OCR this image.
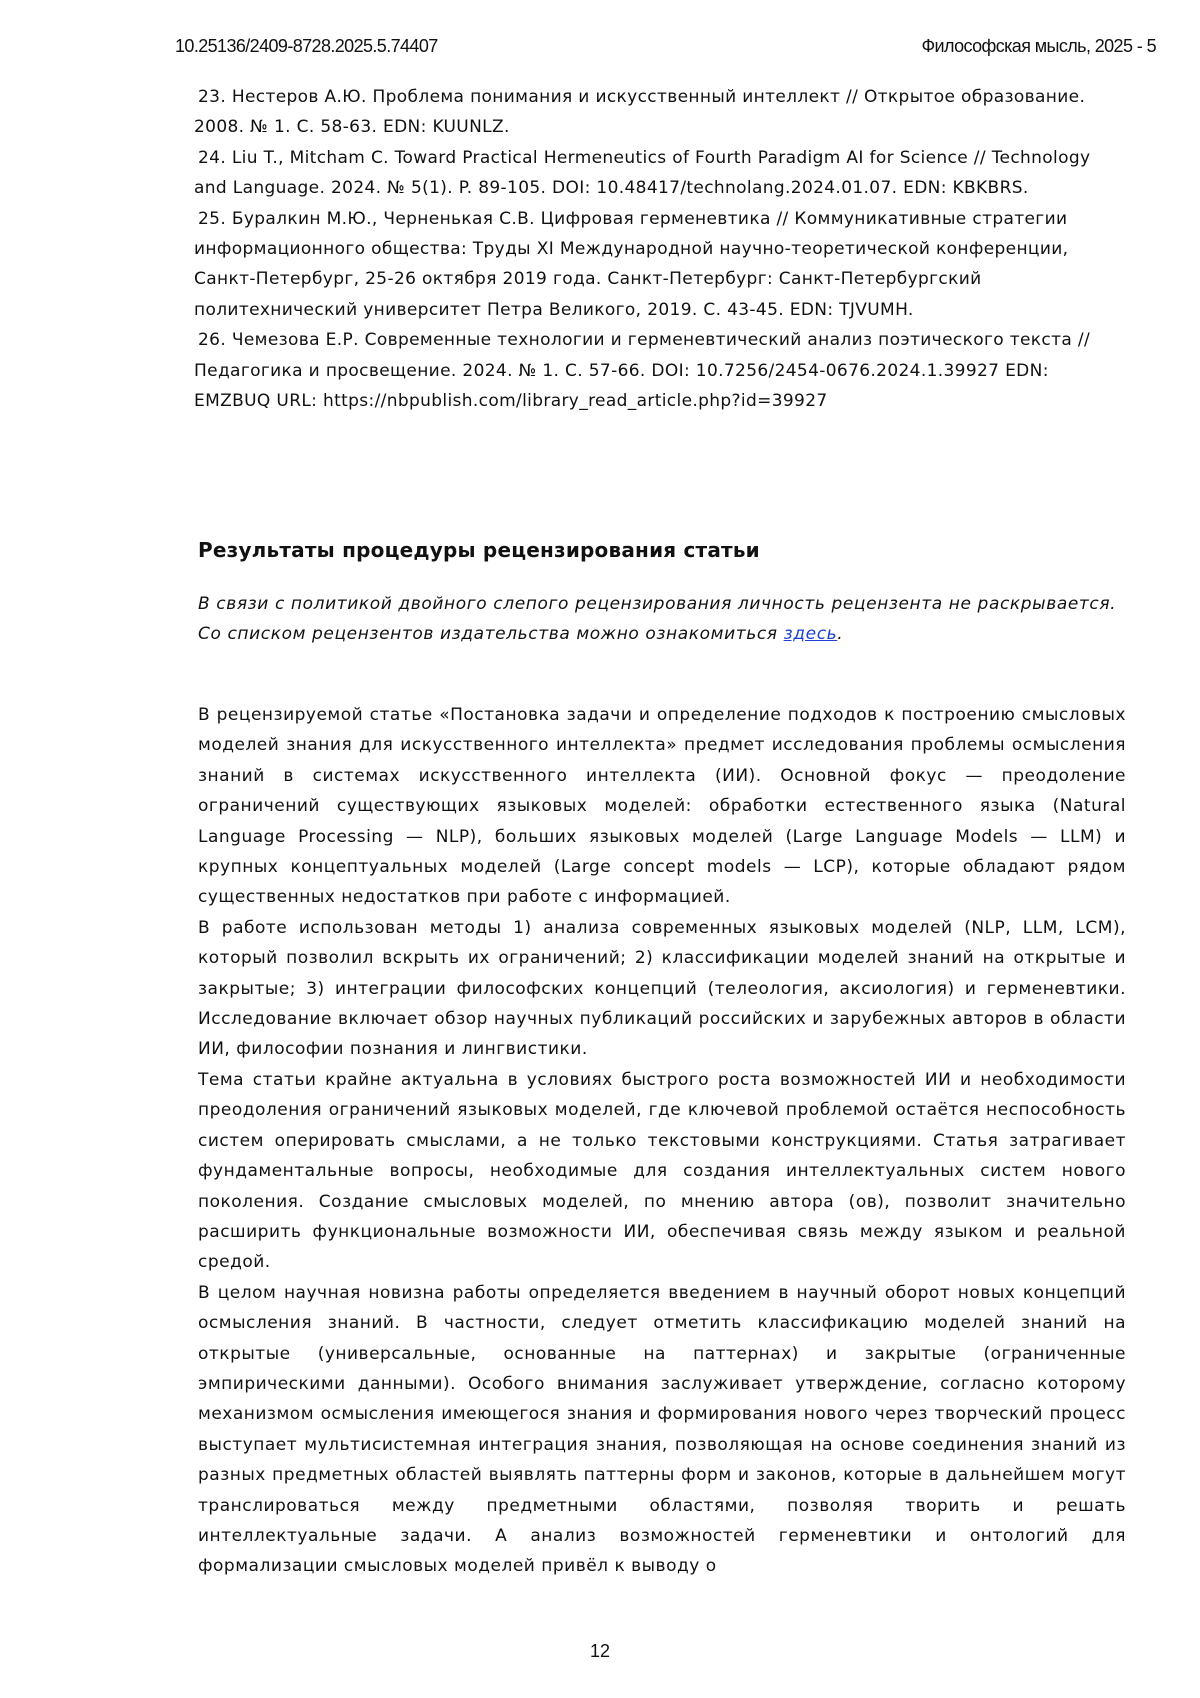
10.25136/2409-8728.2025.5.74407	Философская мысль, 2025 - 5

23. Нестеров А.Ю. Проблема понимания и искусственный интеллект // Открытое образование. 2008. № 1. С. 58-63. EDN: KUUNLZ.

24. Liu T., Mitcham C. Toward Practical Hermeneutics of Fourth Paradigm AI for Science // Technology and Language. 2024. № 5(1). P. 89-105. DOI: 10.48417/technolang.2024.01.07. EDN: KBKBRS.

25. Буралкин М.Ю., Черненькая С.В. Цифровая герменевтика // Коммуникативные стратегии информационного общества: Труды XI Международной научно-теоретической конференции, Санкт-Петербург, 25-26 октября 2019 года. Санкт-Петербург: Санкт-Петербургский политехнический университет Петра Великого, 2019. С. 43-45. EDN: TJVUMH.

26. Чемезова Е.Р. Современные технологии и герменевтический анализ поэтического текста // Педагогика и просвещение. 2024. № 1. С. 57-66. DOI: 10.7256/2454-0676.2024.1.39927 EDN: EMZBUQ URL: https://nbpublish.com/library_read_article.php?id=39927

Результаты процедуры рецензирования статьи

В связи с политикой двойного слепого рецензирования личность рецензента не раскрывается.

Со списком рецензентов издательства можно ознакомиться здесь.

В рецензируемой статье «Постановка задачи и определение подходов к построению смысловых моделей знания для искусственного интеллекта» предмет исследования проблемы осмысления знаний в системах искусственного интеллекта (ИИ). Основной фокус — преодоление ограничений существующих языковых моделей: обработки естественного языка (Natural Language Processing — NLP), больших языковых моделей (Large Language Models — LLM) и крупных концептуальных моделей (Large concept models — LCP), которые обладают рядом существенных недостатков при работе с информацией.

В работе использован методы 1) анализа современных языковых моделей (NLP, LLM, LCM), который позволил вскрыть их ограничений; 2) классификации моделей знаний на открытые и закрытые; 3) интеграции философских концепций (телеология, аксиология) и герменевтики. Исследование включает обзор научных публикаций российских и зарубежных авторов в области ИИ, философии познания и лингвистики.

Тема статьи крайне актуальна в условиях быстрого роста возможностей ИИ и необходимости преодоления ограничений языковых моделей, где ключевой проблемой остаётся неспособность систем оперировать смыслами, а не только текстовыми конструкциями. Статья затрагивает фундаментальные вопросы, необходимые для создания интеллектуальных систем нового поколения. Создание смысловых моделей, по мнению автора (ов), позволит значительно расширить функциональные возможности ИИ, обеспечивая связь между языком и реальной средой.

В целом научная новизна работы определяется введением в научный оборот новых концепций осмысления знаний. В частности, следует отметить классификацию моделей знаний на открытые (универсальные, основанные на паттернах) и закрытые (ограниченные эмпирическими данными). Особого внимания заслуживает утверждение, согласно которому механизмом осмысления имеющегося знания и формирования нового через творческий процесс выступает мультисистемная интеграция знания, позволяющая на основе соединения знаний из разных предметных областей выявлять паттерны форм и законов, которые в дальнейшем могут транслироваться между предметными областями, позволяя творить и решать интеллектуальные задачи. А анализ возможностей герменевтики и онтологий для формализации смысловых моделей привёл к выводу о

12
